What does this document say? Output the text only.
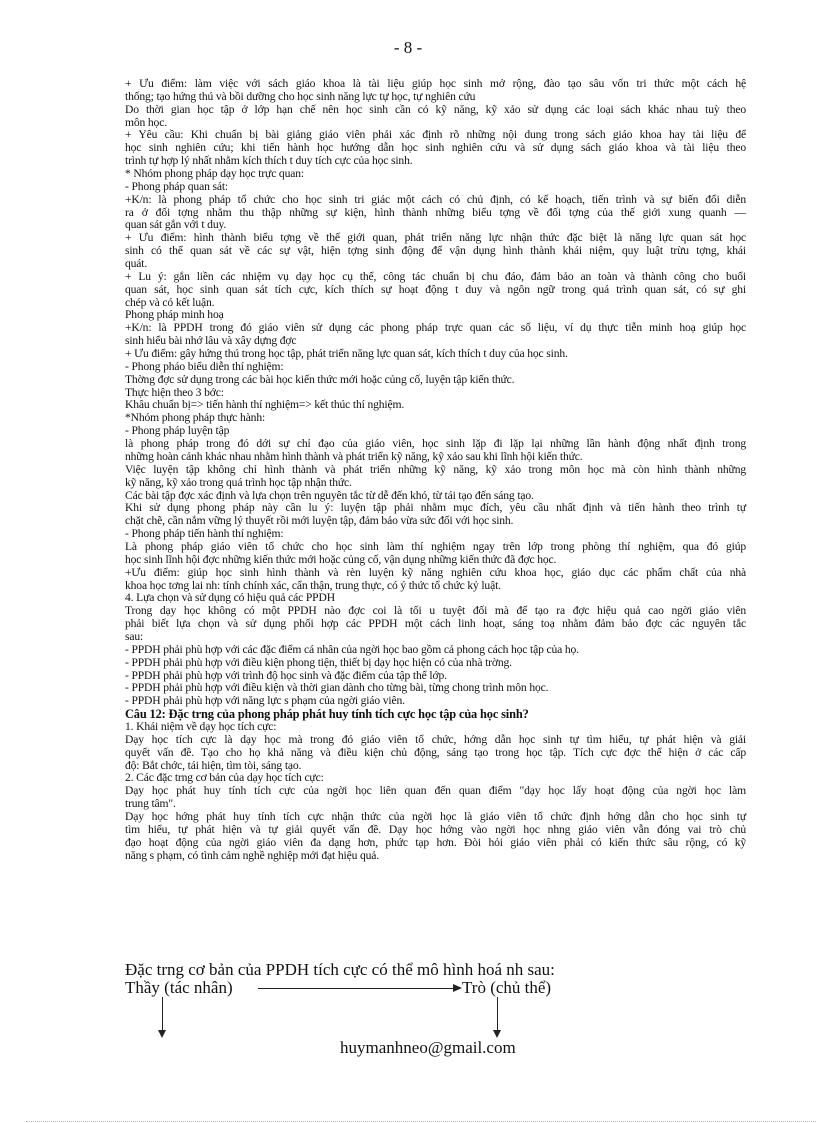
- 8 -
+ Ưu điểm: làm việc với sách giáo khoa là tài liệu giúp học sinh mở rộng, đào tạo sâu vốn tri thức một cách hệ
thống; tạo hứng thú và bồi dưỡng cho học sinh năng lực tự học, tự nghiên cứu
Do thời gian học tập ở lớp hạn chế nên học sinh cần có kỹ năng, kỹ xảo sử dụng các loại sách khác nhau tuỳ theo
môn học.
+ Yêu cầu: Khi chuẩn bị bài giảng giáo viên phải xác định rõ những nội dung trong sách giáo khoa hay tài liệu để
học sinh nghiên cứu; khi tiến hành học hướng dẫn học sinh nghiên cứu và sử dụng sách giáo khoa và tài liệu theo
trình tự hợp lý nhất nhằm kích thích t duy tích cực của học sinh.
* Nhóm phong pháp dạy học trực quan:
- Phong pháp quan sát:
+K/n: là phong pháp tổ chức cho học sinh tri giác một cách có chủ định, có kế hoạch, tiến trình và sự biến đổi diễn
ra ở đối tợng nhằm thu thập những sự kiện, hình thành những biểu tợng về đối tợng của thế giới xung quanh —
quan sát gắn với t duy.
+ Ưu điểm: hình thành biểu tợng về thế giới quan, phát triển năng lực nhận thức đặc biệt là năng lực quan sát học
sinh có thể quan sát về các sự vật, hiện tợng sinh động để vận dụng hình thành khái niệm, quy luật trừu tợng, khái
quát.
+ Lu ý: gắn liền các nhiệm vụ dạy học cụ thể, công tác chuẩn bị chu đáo, đảm bảo an toàn và thành công cho buổi
quan sát, học sinh quan sát tích cực, kích thích sự hoạt động t duy và ngôn ngữ trong quá trình quan sát, có sự ghi
chép và có kết luận.
Phong pháp minh hoạ
+K/n: là PPDH trong đó giáo viên sử dụng các phong pháp trực quan các số liệu, ví dụ thực tiễn minh hoạ giúp học
sinh hiểu bài nhớ lâu và xây dựng đợc
+ Ưu điểm: gây hứng thú trong học tập, phát triển năng lực quan sát, kích thích t duy của học sinh.
- Phong pháo biểu diễn thí nghiệm:
Thờng đợc sử dụng trong các bài học kiến thức mới hoặc củng cố, luyện tập kiến thức.
Thực hiện theo 3 bớc:
Khâu chuẩn bị=> tiến hành thí nghiệm=> kết thúc thí nghiệm.
*Nhóm phong pháp thực hành:
- Phong pháp luyện tập
là phong pháp trong đó dới sự chỉ đạo của giáo viên, học sinh lặp đi lặp lại những lần hành động nhất định trong
những hoàn cảnh khác nhau nhằm hình thành và phát triển kỹ năng, kỹ xảo sau khi lĩnh hội kiến thức.
Việc luyện tập không chỉ hình thành và phát triển những kỹ năng, kỹ xảo trong môn học mà còn hình thành những
kỹ năng, kỹ xảo trong quá trình học tập nhận thức.
Các bài tập đợc xác định và lựa chọn trên nguyên tắc từ dễ đến khó, từ tái tạo đến sáng tạo.
Khi sử dụng phong pháp này cần lu ý: luyện tập phải nhằm mục đích, yêu cầu nhất định và tiến hành theo trình tự
chặt chẽ, cần nắm vững lý thuyết rồi mới luyện tập, đảm bảo vừa sức đối với học sinh.
- Phong pháp tiến hành thí nghiệm:
Là phong pháp giáo viên tổ chức cho học sinh làm thí nghiệm ngay trên lớp trong phòng thí nghiệm, qua đó giúp
học sinh lĩnh hội đợc những kiến thức mới hoặc củng cố, vận dụng những kiến thức đã đợc học.
+Ưu điểm: giúp học sinh hình thành và rèn luyện kỹ năng nghiên cứu khoa học, giáo dục các phẩm chất của nhà
khoa học tơng lai nh: tính chính xác, cẩn thận, trung thực, có ý thức tổ chức kỷ luật.
4. Lựa chọn và sử dụng có hiệu quả các PPDH
Trong dạy học không có một PPDH nào đợc coi là tối u tuyệt đối mà để tạo ra đợc hiệu quả cao ngời giáo viên
phải biết lựa chọn và sử dụng phối hợp các PPDH một cách linh hoạt, sáng toạ nhằm đảm bảo đợc các nguyên tắc
sau:
- PPDH phải phù hợp với các đặc điểm cá nhân của ngời học bao gồm cả phong cách học tập của họ.
- PPDH phải phù hợp với điều kiện phong tiện, thiết bị dạy học hiện có của nhà trờng.
- PPDH phải phù hợp với trình độ học sinh và đặc điểm của tập thể lớp.
- PPDH phải phù hợp với điều kiện và thời gian dành cho từng bài, từng chong trình môn học.
- PPDH phải phù hợp với năng lực s phạm của ngời giáo viên.
Câu 12: Đặc trng của phong pháp phát huy tính tích cực học tập của học sinh?
1. Khái niệm về dạy học tích cực:
Dạy học tích cực là dạy học mà trong đó giáo viên tổ chức, hớng dẫn học sinh tự tìm hiểu, tự phát hiện và giải
quyết vấn đề. Tạo cho họ khả năng và điều kiện chủ động, sáng tạo trong học tập. Tích cực đợc thể hiện ở các cấp
độ: Bắt chớc, tái hiện, tìm tòi, sáng tạo.
2. Các đặc trng cơ bản của dạy học tích cực:
Dạy học phát huy tính tích cực của ngời học liên quan đến quan điểm "dạy học lấy hoạt động của ngời học làm
trung tâm".
Dạy học hớng phát huy tính tích cực nhận thức của ngời học là giáo viên tổ chức định hớng dẫn cho học sinh tự
tìm hiểu, tự phát hiện và tự giải quyết vấn đề. Dạy học hớng vào ngời học nhng giáo viên vẫn đóng vai trò chủ
đạo hoạt động của ngời giáo viên đa dạng hơn, phức tạp hơn. Đòi hỏi giáo viên phải có kiến thức sâu rộng, có kỹ
năng s phạm, có tình cảm nghề nghiệp mới đạt hiệu quả.
Đặc trng cơ bản của PPDH tích cực có thể mô hình hoá nh sau:
Thầy (tác nhân)	Trò (chủ thể)
huymanhneo@gmail.com
